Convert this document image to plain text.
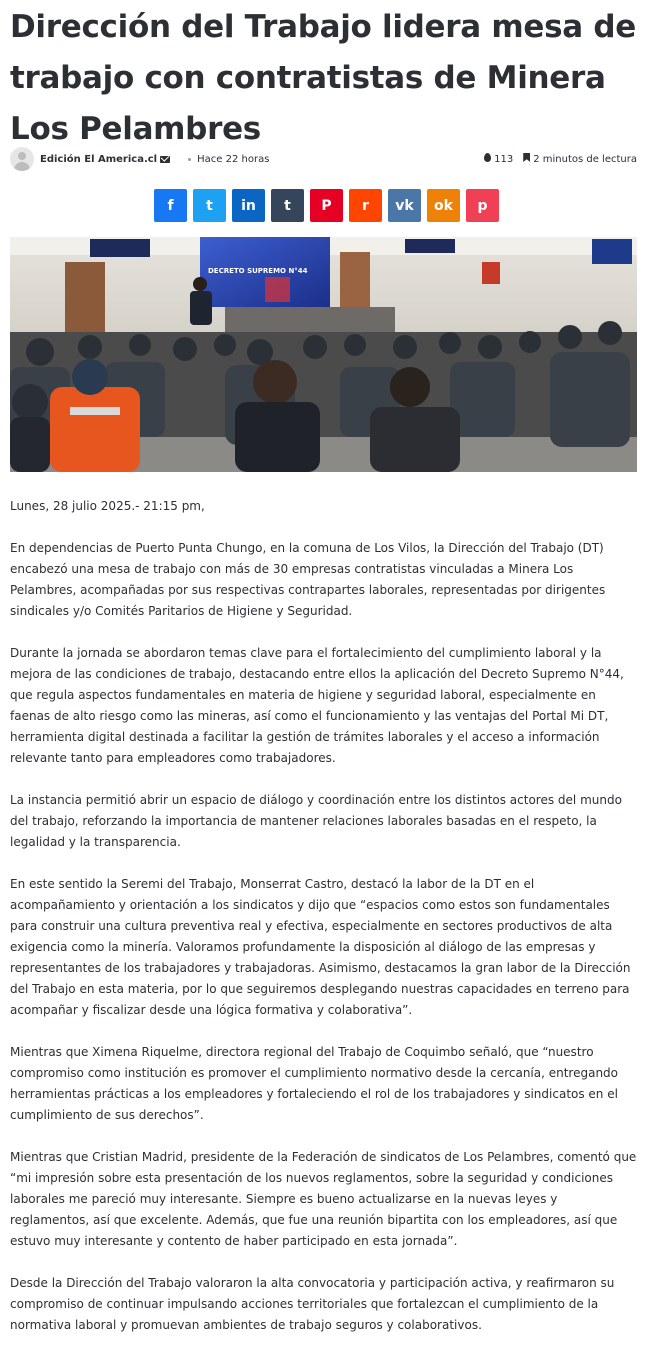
Dirección del Trabajo lidera mesa de trabajo con contratistas de Minera Los Pelambres
Edición El America.cl	Hace 22 horas	113	2 minutos de lectura
f t in t P r vk ok p
DECRETO SUPREMO N°44

Lunes, 28 julio 2025.- 21:15 pm,

En dependencias de Puerto Punta Chungo, en la comuna de Los Vilos, la Dirección del Trabajo (DT) encabezó una mesa de trabajo con más de 30 empresas contratistas vinculadas a Minera Los Pelambres, acompañadas por sus respectivas contrapartes laborales, representadas por dirigentes sindicales y/o Comités Paritarios de Higiene y Seguridad.

Durante la jornada se abordaron temas clave para el fortalecimiento del cumplimiento laboral y la mejora de las condiciones de trabajo, destacando entre ellos la aplicación del Decreto Supremo N°44, que regula aspectos fundamentales en materia de higiene y seguridad laboral, especialmente en faenas de alto riesgo como las mineras, así como el funcionamiento y las ventajas del Portal Mi DT, herramienta digital destinada a facilitar la gestión de trámites laborales y el acceso a información relevante tanto para empleadores como trabajadores.

La instancia permitió abrir un espacio de diálogo y coordinación entre los distintos actores del mundo del trabajo, reforzando la importancia de mantener relaciones laborales basadas en el respeto, la legalidad y la transparencia.

En este sentido la Seremi del Trabajo, Monserrat Castro, destacó la labor de la DT en el acompañamiento y orientación a los sindicatos y dijo que “espacios como estos son fundamentales para construir una cultura preventiva real y efectiva, especialmente en sectores productivos de alta exigencia como la minería. Valoramos profundamente la disposición al diálogo de las empresas y representantes de los trabajadores y trabajadoras. Asimismo, destacamos la gran labor de la Dirección del Trabajo en esta materia, por lo que seguiremos desplegando nuestras capacidades en terreno para acompañar y fiscalizar desde una lógica formativa y colaborativa”.

Mientras que Ximena Riquelme, directora regional del Trabajo de Coquimbo señaló, que “nuestro compromiso como institución es promover el cumplimiento normativo desde la cercanía, entregando herramientas prácticas a los empleadores y fortaleciendo el rol de los trabajadores y sindicatos en el cumplimiento de sus derechos”.

Mientras que Cristian Madrid, presidente de la Federación de sindicatos de Los Pelambres, comentó que “mi impresión sobre esta presentación de los nuevos reglamentos, sobre la seguridad y condiciones laborales me pareció muy interesante. Siempre es bueno actualizarse en la nuevas leyes y reglamentos, así que excelente. Además, que fue una reunión bipartita con los empleadores, así que estuvo muy interesante y contento de haber participado en esta jornada”.

Desde la Dirección del Trabajo valoraron la alta convocatoria y participación activa, y reafirmaron su compromiso de continuar impulsando acciones territoriales que fortalezcan el cumplimiento de la normativa laboral y promuevan ambientes de trabajo seguros y colaborativos.
